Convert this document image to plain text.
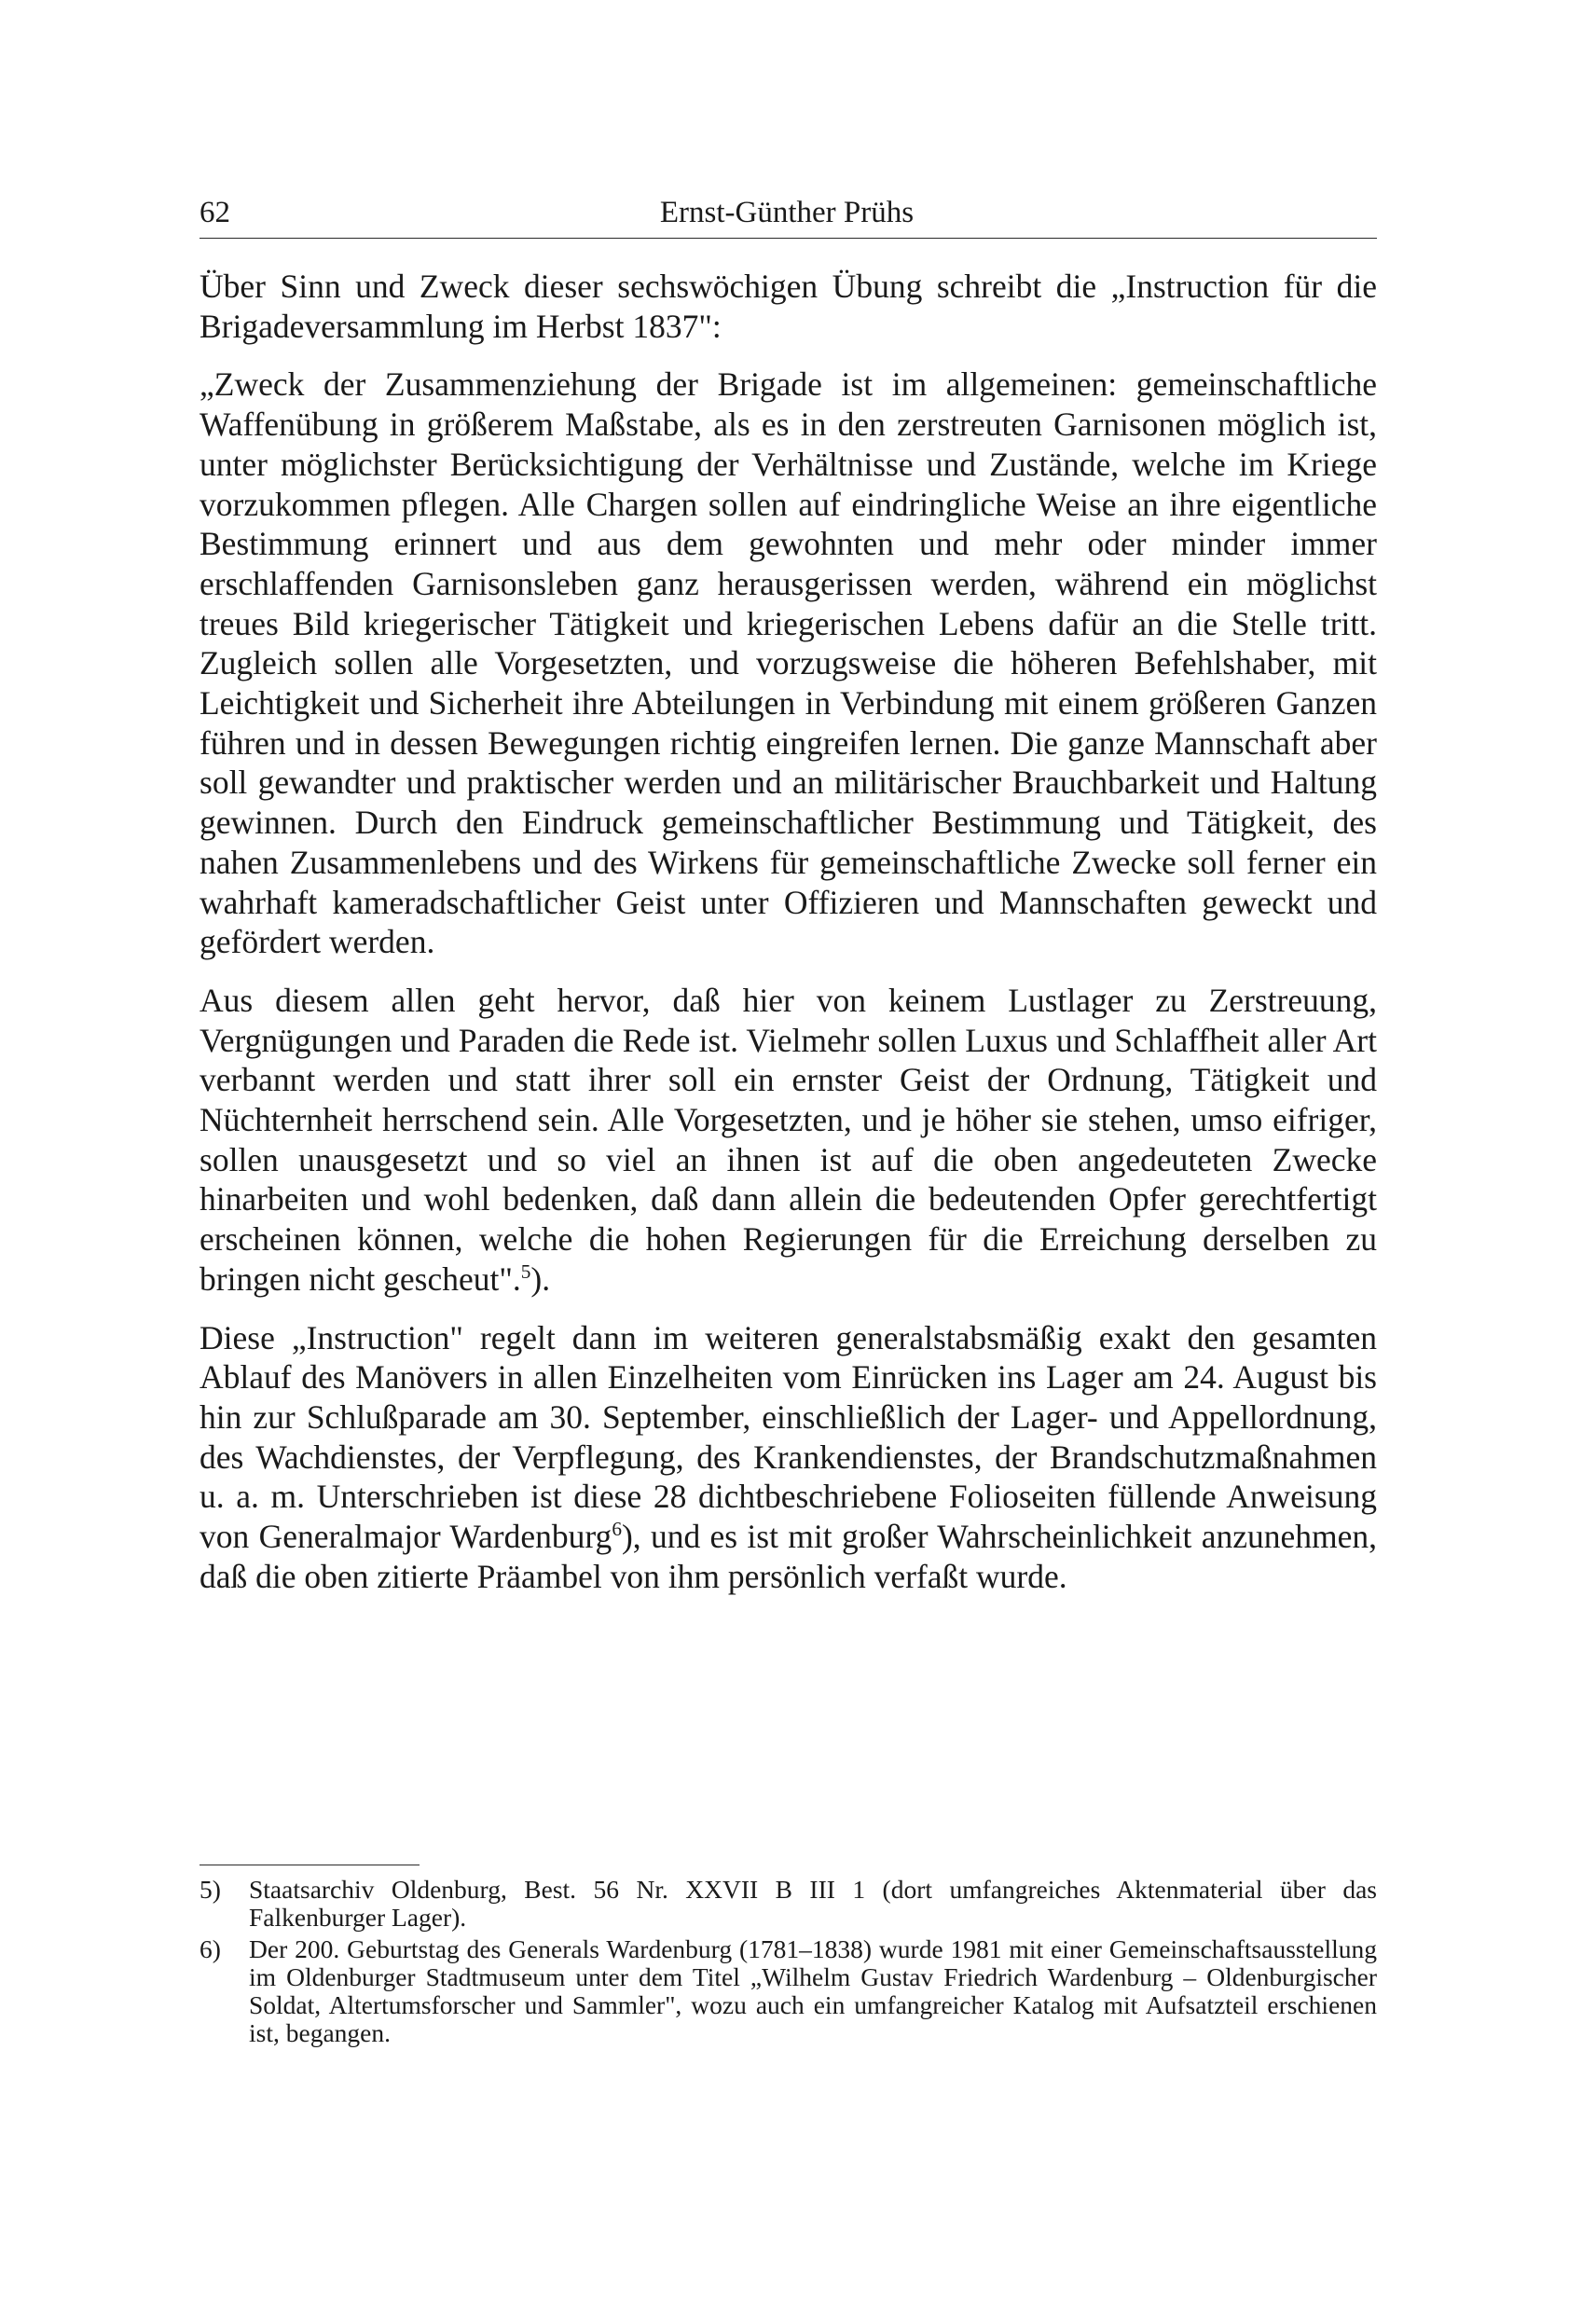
62	Ernst-Günther Prühs

Über Sinn und Zweck dieser sechswöchigen Übung schreibt die „Instruction für die Brigadeversammlung im Herbst 1837":

„Zweck der Zusammenziehung der Brigade ist im allgemeinen: gemeinschaftliche Waffenübung in größerem Maßstabe, als es in den zerstreuten Garnisonen möglich ist, unter möglichster Berücksichtigung der Verhältnisse und Zustände, welche im Kriege vorzukommen pflegen. Alle Chargen sollen auf eindringliche Weise an ihre eigentliche Bestimmung erinnert und aus dem gewohnten und mehr oder minder immer erschlaffenden Garnisonsleben ganz herausgerissen werden, während ein möglichst treues Bild kriegerischer Tätigkeit und kriegerischen Lebens dafür an die Stelle tritt. Zugleich sollen alle Vorgesetzten, und vorzugsweise die höheren Befehlshaber, mit Leichtigkeit und Sicherheit ihre Abteilungen in Verbindung mit einem größeren Ganzen führen und in dessen Bewegungen richtig eingreifen lernen. Die ganze Mannschaft aber soll gewandter und praktischer werden und an militärischer Brauchbarkeit und Haltung gewinnen. Durch den Eindruck gemeinschaftlicher Bestimmung und Tätigkeit, des nahen Zusammenlebens und des Wirkens für gemeinschaftliche Zwecke soll ferner ein wahrhaft kameradschaftlicher Geist unter Offizieren und Mannschaften geweckt und gefördert werden.

Aus diesem allen geht hervor, daß hier von keinem Lustlager zu Zerstreuung, Vergnügungen und Paraden die Rede ist. Vielmehr sollen Luxus und Schlaffheit aller Art verbannt werden und statt ihrer soll ein ernster Geist der Ordnung, Tätigkeit und Nüchternheit herrschend sein. Alle Vorgesetzten, und je höher sie stehen, umso eifriger, sollen unausgesetzt und so viel an ihnen ist auf die oben angedeuteten Zwecke hinarbeiten und wohl bedenken, daß dann allein die bedeutenden Opfer gerechtfertigt erscheinen können, welche die hohen Regierungen für die Erreichung derselben zu bringen nicht gescheut".$^5$).

Diese „Instruction" regelt dann im weiteren generalstabsmäßig exakt den gesamten Ablauf des Manövers in allen Einzelheiten vom Einrücken ins Lager am 24. August bis hin zur Schlußparade am 30. September, einschließlich der Lager- und Appellordnung, des Wachdienstes, der Verpflegung, des Krankendienstes, der Brandschutzmaßnahmen u. a. m. Unterschrieben ist diese 28 dichtbeschriebene Folioseiten füllende Anweisung von Generalmajor Wardenburg$^6$), und es ist mit großer Wahrscheinlichkeit anzunehmen, daß die oben zitierte Präambel von ihm persönlich verfaßt wurde.

5) Staatsarchiv Oldenburg, Best. 56 Nr. XXVII B III 1 (dort umfangreiches Aktenmaterial über das Falkenburger Lager).
6) Der 200. Geburtstag des Generals Wardenburg (1781–1838) wurde 1981 mit einer Gemeinschaftsausstellung im Oldenburger Stadtmuseum unter dem Titel „Wilhelm Gustav Friedrich Wardenburg – Oldenburgischer Soldat, Altertumsforscher und Sammler", wozu auch ein umfangreicher Katalog mit Aufsatzteil erschienen ist, begangen.
